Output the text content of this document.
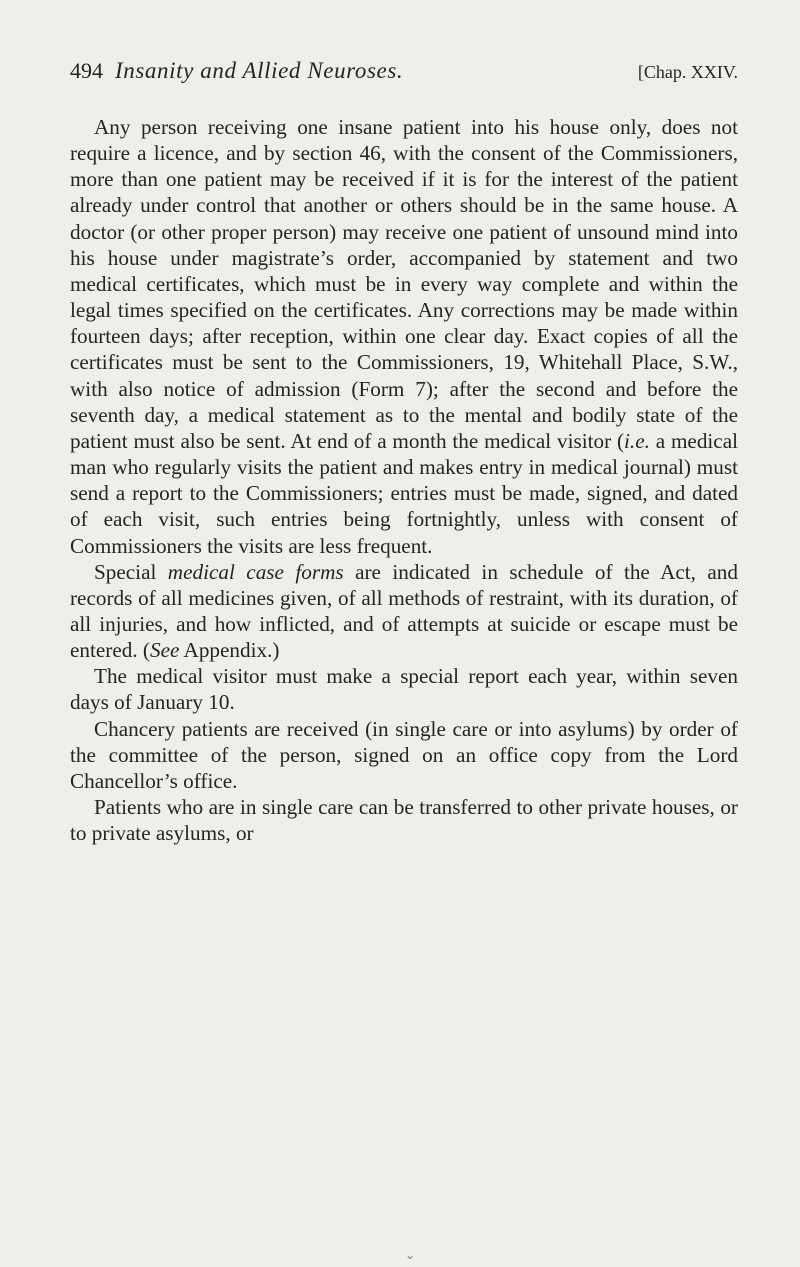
494 Insanity and Allied Neuroses.	[Chap. XXIV.

Any person receiving one insane patient into his house only, does not require a licence, and by section 46, with the consent of the Commissioners, more than one patient may be received if it is for the interest of the patient already under control that another or others should be in the same house. A doctor (or other proper person) may receive one patient of unsound mind into his house under magistrate’s order, accompanied by statement and two medical certificates, which must be in every way complete and within the legal times specified on the certificates. Any corrections may be made within fourteen days; after reception, within one clear day. Exact copies of all the certificates must be sent to the Commissioners, 19, Whitehall Place, S.W., with also notice of admission (Form 7); after the second and before the seventh day, a medical statement as to the mental and bodily state of the patient must also be sent. At end of a month the medical visitor (i.e. a medical man who regularly visits the patient and makes entry in medical journal) must send a report to the Commissioners; entries must be made, signed, and dated of each visit, such entries being fortnightly, unless with consent of Commissioners the visits are less frequent.

Special medical case forms are indicated in schedule of the Act, and records of all medicines given, of all methods of restraint, with its duration, of all injuries, and how inflicted, and of attempts at suicide or escape must be entered. (See Appendix.)

The medical visitor must make a special report each year, within seven days of January 10.

Chancery patients are received (in single care or into asylums) by order of the committee of the person, signed on an office copy from the Lord Chancellor’s office.

Patients who are in single care can be transferred to other private houses, or to private asylums, or

⌄
